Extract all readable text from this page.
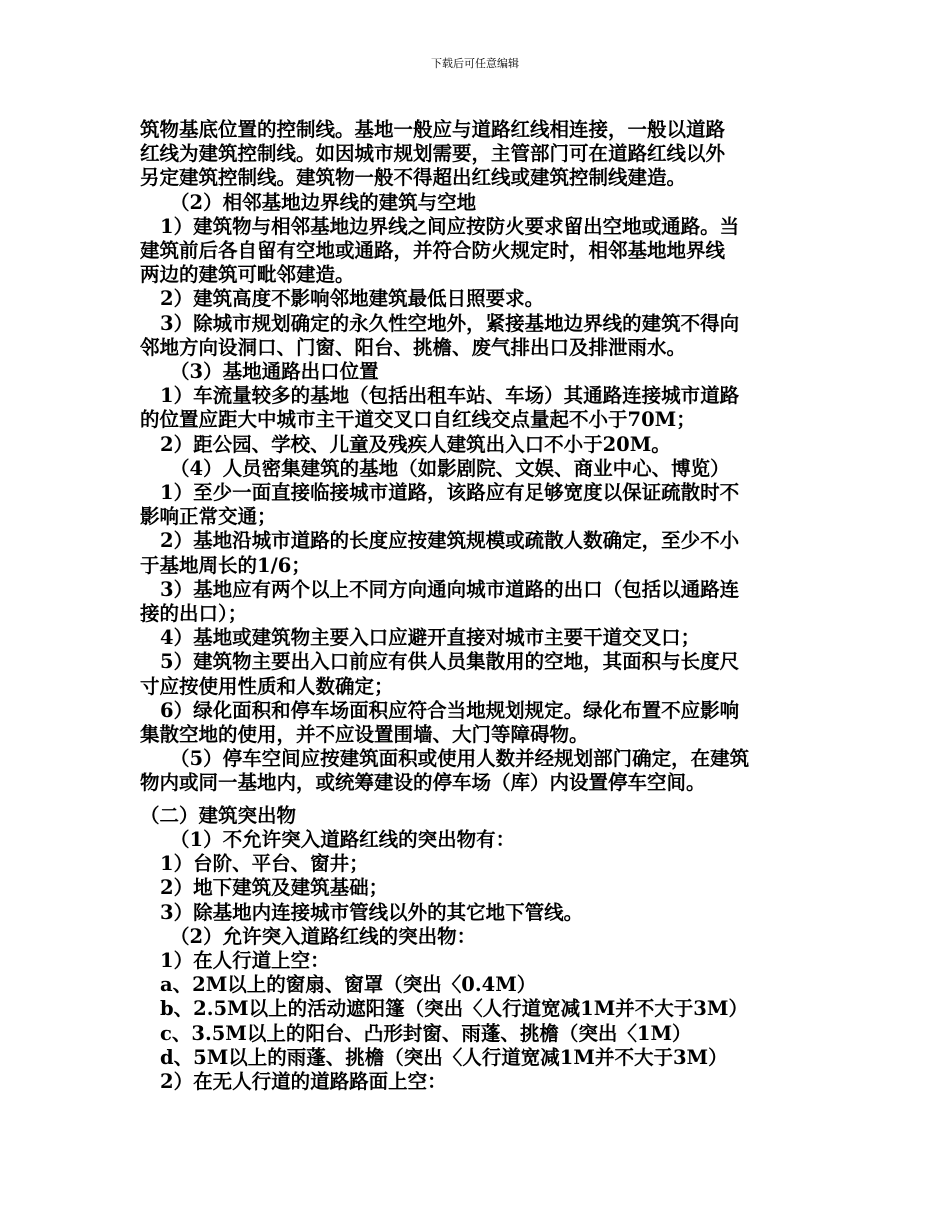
下载后可任意编辑
筑物基底位置的控制线。基地一般应与道路红线相连接，一般以道路
红线为建筑控制线。如因城市规划需要，主管部门可在道路红线以外
另定建筑控制线。建筑物一般不得超出红线或建筑控制线建造。
（2）相邻基地边界线的建筑与空地
1）建筑物与相邻基地边界线之间应按防火要求留出空地或通路。当
建筑前后各自留有空地或通路，并符合防火规定时，相邻基地地界线
两边的建筑可毗邻建造。
2）建筑高度不影响邻地建筑最低日照要求。
3）除城市规划确定的永久性空地外，紧接基地边界线的建筑不得向
邻地方向设洞口、门窗、阳台、挑檐、废气排出口及排泄雨水。
（3）基地通路出口位置
1）车流量较多的基地（包括出租车站、车场）其通路连接城市道路
的位置应距大中城市主干道交叉口自红线交点量起不小于70M；
2）距公园、学校、儿童及残疾人建筑出入口不小于20M。
（4）人员密集建筑的基地（如影剧院、文娱、商业中心、博览）
1）至少一面直接临接城市道路，该路应有足够宽度以保证疏散时不
影响正常交通；
2）基地沿城市道路的长度应按建筑规模或疏散人数确定，至少不小
于基地周长的1/6；
3）基地应有两个以上不同方向通向城市道路的出口（包括以通路连
接的出口）；
4）基地或建筑物主要入口应避开直接对城市主要干道交叉口；
5）建筑物主要出入口前应有供人员集散用的空地，其面积与长度尺
寸应按使用性质和人数确定；
6）绿化面积和停车场面积应符合当地规划规定。绿化布置不应影响
集散空地的使用，并不应设置围墙、大门等障碍物。
（5）停车空间应按建筑面积或使用人数并经规划部门确定，在建筑
物内或同一基地内，或统筹建设的停车场（库）内设置停车空间。
（二）建筑突出物
（1）不允许突入道路红线的突出物有：
1）台阶、平台、窗井；
2）地下建筑及建筑基础；
3）除基地内连接城市管线以外的其它地下管线。
（2）允许突入道路红线的突出物：
1）在人行道上空：
a、2M以上的窗扇、窗罩（突出〈0.4M）
b、2.5M以上的活动遮阳篷（突出〈人行道宽减1M并不大于3M）
c、3.5M以上的阳台、凸形封窗、雨蓬、挑檐（突出〈1M）
d、5M以上的雨蓬、挑檐（突出〈人行道宽减1M并不大于3M）
2）在无人行道的道路路面上空：
